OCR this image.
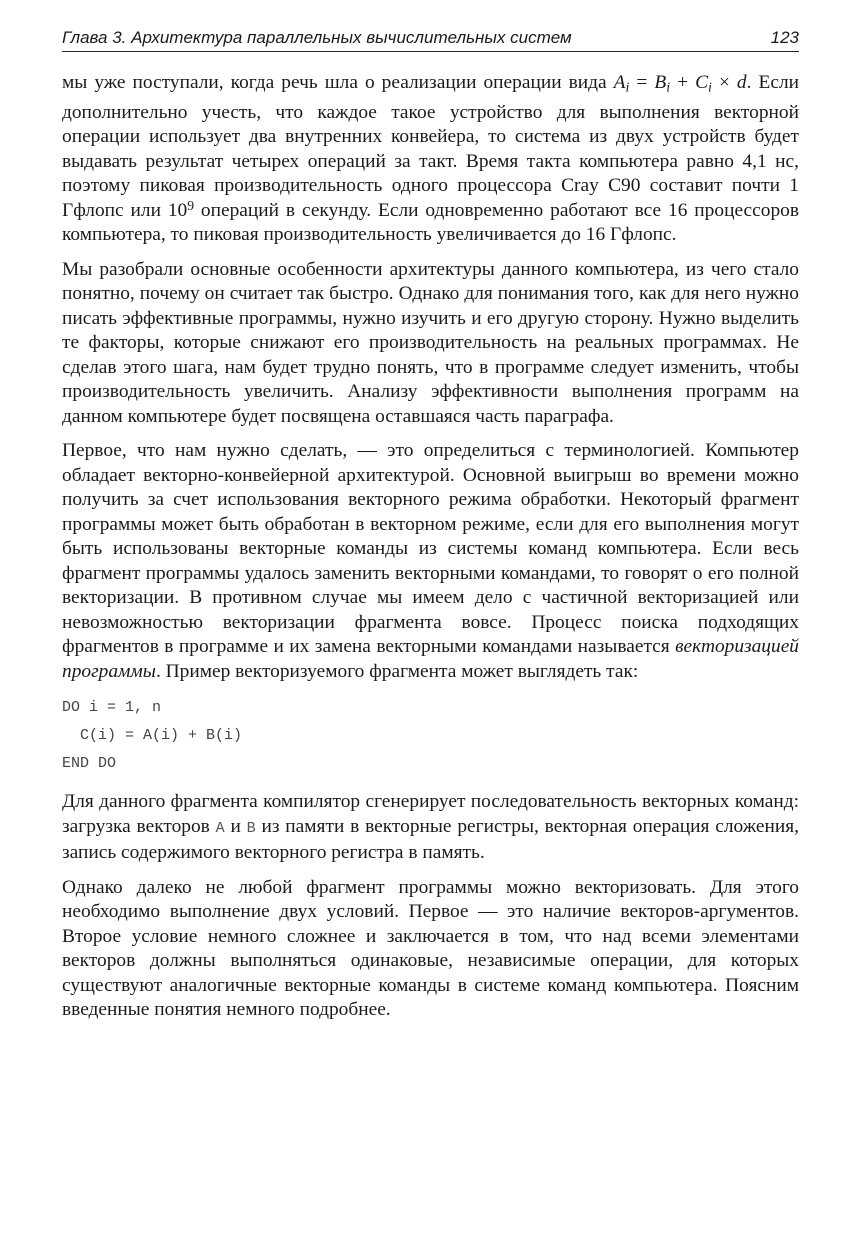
Глава 3. Архитектура параллельных вычислительных систем	123

мы уже поступали, когда речь шла о реализации операции вида $A_i = B_i + C_i \times d$. Если дополнительно учесть, что каждое такое устройство для выполнения векторной операции использует два внутренних конвейера, то система из двух устройств будет выдавать результат четырех операций за такт. Время такта компьютера равно 4,1 нс, поэтому пиковая производительность одного процессора Cray C90 составит почти 1 Гфлопс или $10^9$ операций в секунду. Если одновременно работают все 16 процессоров компьютера, то пиковая производительность увеличивается до 16 Гфлопс.

Мы разобрали основные особенности архитектуры данного компьютера, из чего стало понятно, почему он считает так быстро. Однако для понимания того, как для него нужно писать эффективные программы, нужно изучить и его другую сторону. Нужно выделить те факторы, которые снижают его производительность на реальных программах. Не сделав этого шага, нам будет трудно понять, что в программе следует изменить, чтобы производительность увеличить. Анализу эффективности выполнения программ на данном компьютере будет посвящена оставшаяся часть параграфа.

Первое, что нам нужно сделать, — это определиться с терминологией. Компьютер обладает векторно-конвейерной архитектурой. Основной выигрыш во времени можно получить за счет использования векторного режима обработки. Некоторый фрагмент программы может быть обработан в векторном режиме, если для его выполнения могут быть использованы векторные команды из системы команд компьютера. Если весь фрагмент программы удалось заменить векторными командами, то говорят о его полной векторизации. В противном случае мы имеем дело с частичной векторизацией или невозможностью векторизации фрагмента вовсе. Процесс поиска подходящих фрагментов в программе и их замена векторными командами называется векторизацией программы. Пример векторизуемого фрагмента может выглядеть так:

DO i = 1, n
C(i) = A(i) + B(i)
END DO

Для данного фрагмента компилятор сгенерирует последовательность векторных команд: загрузка векторов A и B из памяти в векторные регистры, векторная операция сложения, запись содержимого векторного регистра в память.

Однако далеко не любой фрагмент программы можно векторизовать. Для этого необходимо выполнение двух условий. Первое — это наличие векторов-аргументов. Второе условие немного сложнее и заключается в том, что над всеми элементами векторов должны выполняться одинаковые, независимые операции, для которых существуют аналогичные векторные команды в системе команд компьютера. Поясним введенные понятия немного подробнее.
